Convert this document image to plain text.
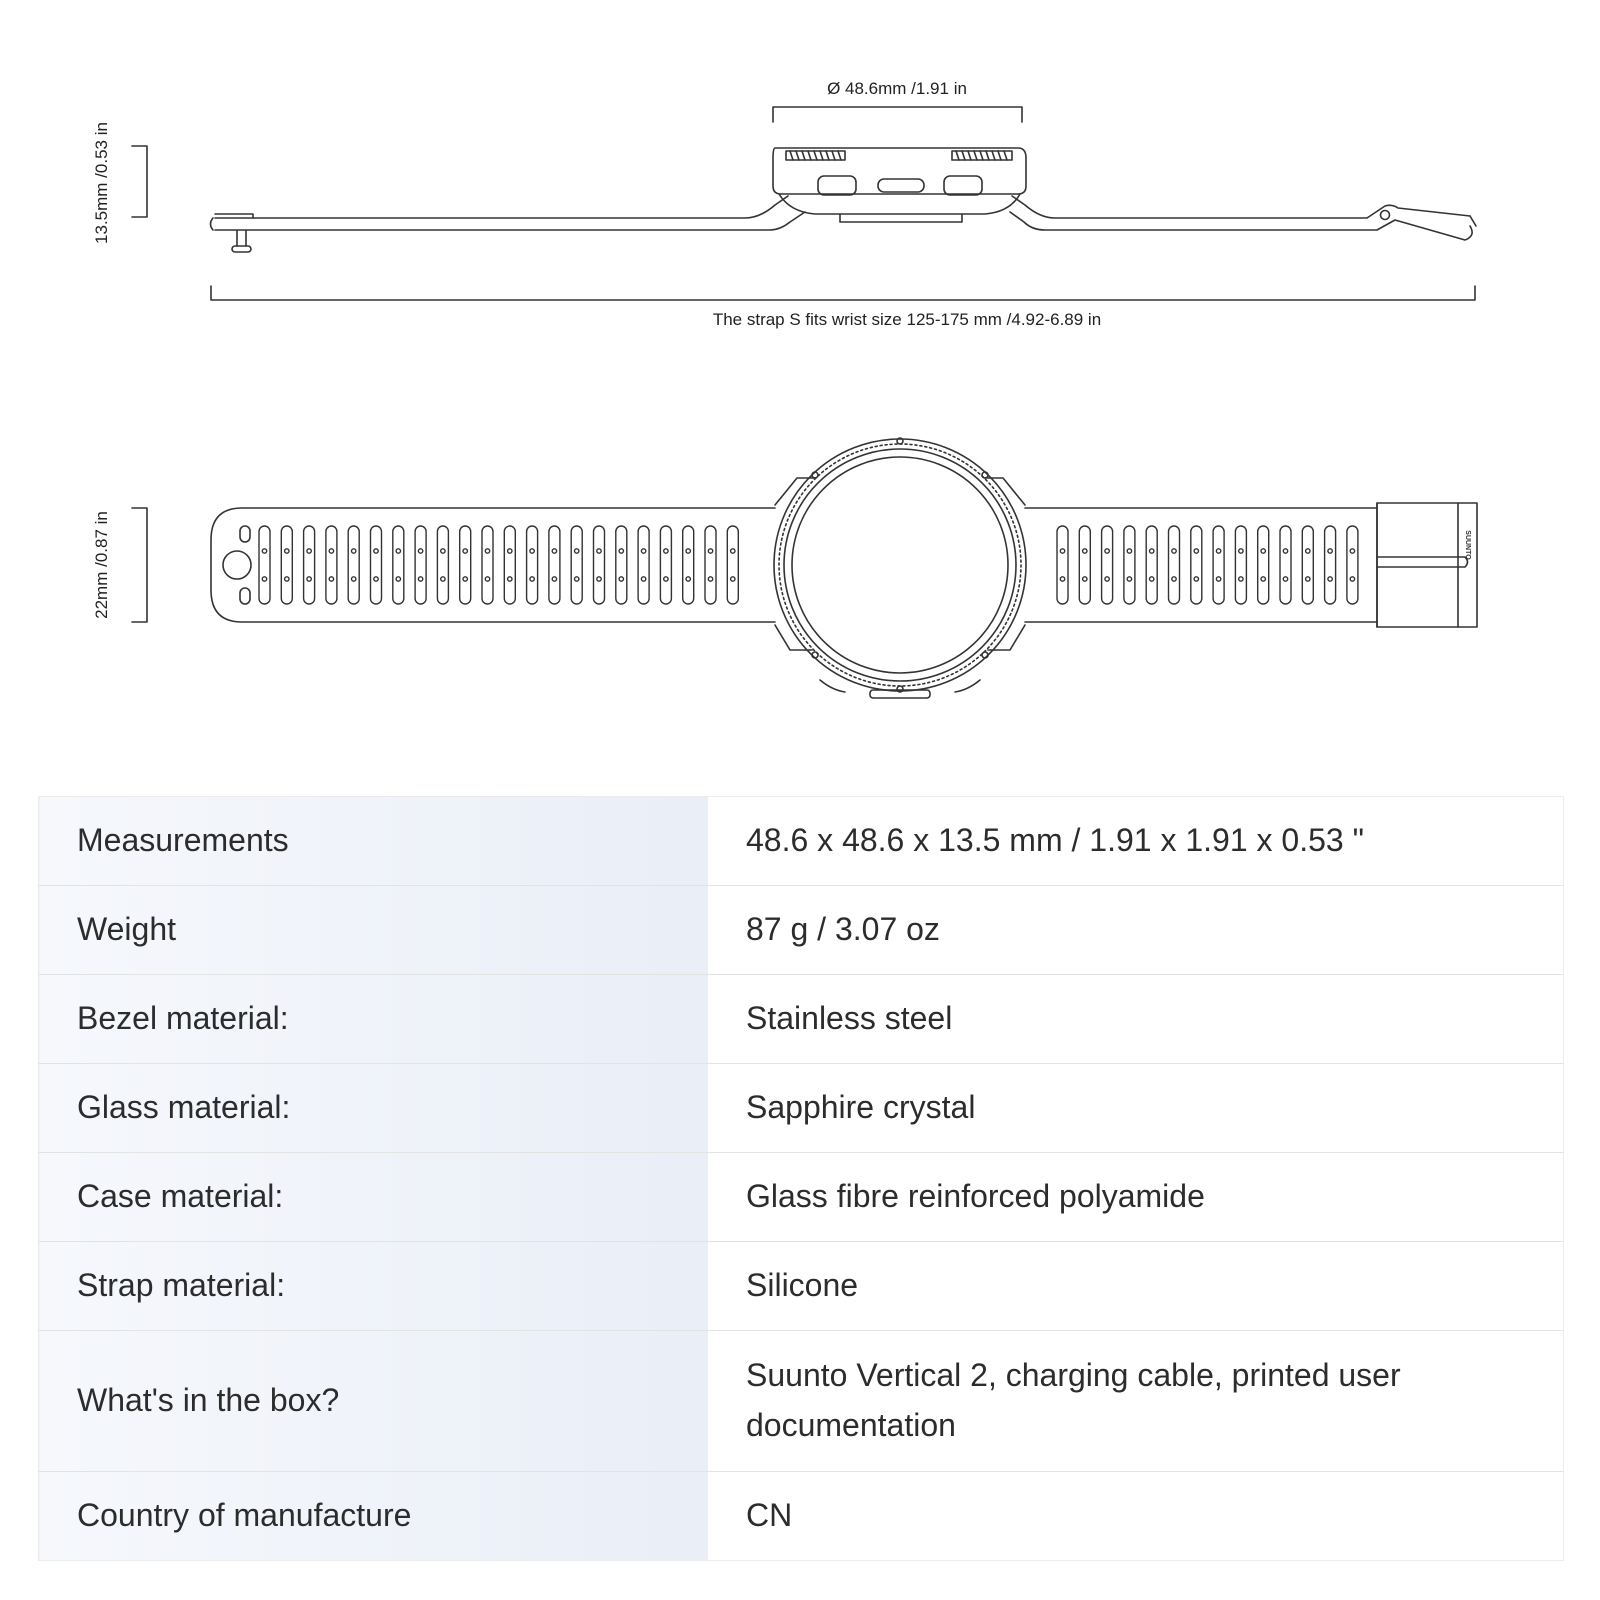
Ø 48.6mm /1.91 in
The strap S fits wrist size 125-175 mm /4.92-6.89 in
13.5mm /0.53 in
22mm /0.87 in	SUUNTO
Measurements	48.6 x 48.6 x 13.5 mm / 1.91 x 1.91 x 0.53 "
Weight	87 g / 3.07 oz
Bezel material:	Stainless steel
Glass material:	Sapphire crystal
Case material:	Glass fibre reinforced polyamide
Strap material:	Silicone
What's in the box?	Suunto Vertical 2, charging cable, printed user documentation
Country of manufacture	CN
